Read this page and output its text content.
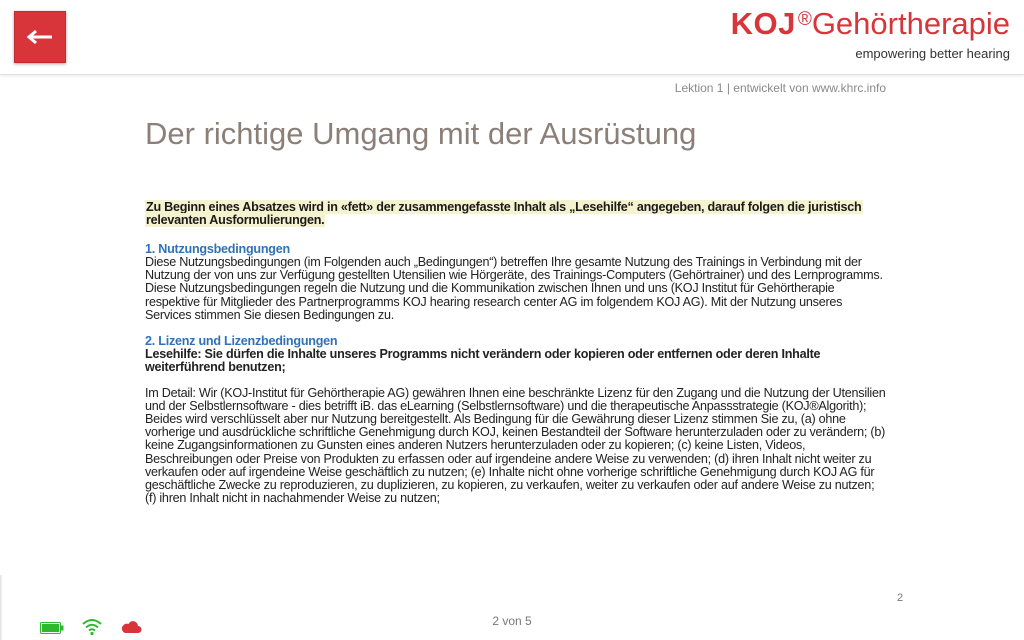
KOJ ® Gehörtherapie
empowering better hearing
Lektion 1 | entwickelt von www.khrc.info
Der richtige Umgang mit der Ausrüstung

Zu Beginn eines Absatzes wird in «fett» der zusammengefasste Inhalt als „Lesehilfe“ angegeben, darauf folgen die juristisch relevanten Ausformulierungen.

1. Nutzungsbedingungen

Diese Nutzungsbedingungen (im Folgenden auch „Bedingungen“) betreffen Ihre gesamte Nutzung des Trainings in Verbindung mit der Nutzung der von uns zur Verfügung gestellten Utensilien wie Hörgeräte, des Trainings-Computers (Gehörtrainer) und des Lernprogramms. Diese Nutzungsbedingungen regeln die Nutzung und die Kommunikation zwischen Ihnen und uns (KOJ Institut für Gehörtherapie respektive für Mitglieder des Partnerprogramms KOJ hearing research center AG im folgendem KOJ AG). Mit der Nutzung unseres Services stimmen Sie diesen Bedingungen zu.

2. Lizenz und Lizenzbedingungen

Lesehilfe: Sie dürfen die Inhalte unseres Programms nicht verändern oder kopieren oder entfernen oder deren Inhalte weiterführend benutzen;

Im Detail: Wir (KOJ-Institut für Gehörtherapie AG) gewähren Ihnen eine beschränkte Lizenz für den Zugang und die Nutzung der Utensilien und der Selbstlernsoftware - dies betrifft iB. das eLearning (Selbstlernsoftware) und die therapeutische Anpassstrategie (KOJ®Algorith); Beides wird verschlüsselt aber nur Nutzung bereitgestellt. Als Bedingung für die Gewährung dieser Lizenz stimmen Sie zu, (a) ohne vorherige und ausdrückliche schriftliche Genehmigung durch KOJ, keinen Bestandteil der Software herunterzuladen oder zu verändern; (b) keine Zugangsinformationen zu Gunsten eines anderen Nutzers herunterzuladen oder zu kopieren; (c) keine Listen, Videos, Beschreibungen oder Preise von Produkten zu erfassen oder auf irgendeine andere Weise zu verwenden; (d) ihren Inhalt nicht weiter zu verkaufen oder auf irgendeine Weise geschäftlich zu nutzen; (e) Inhalte nicht ohne vorherige schriftliche Genehmigung durch KOJ AG für geschäftliche Zwecke zu reproduzieren, zu duplizieren, zu kopieren, zu verkaufen, weiter zu verkaufen oder auf andere Weise zu nutzen; (f) ihren Inhalt nicht in nachahmender Weise zu nutzen;

2
2 von 5
